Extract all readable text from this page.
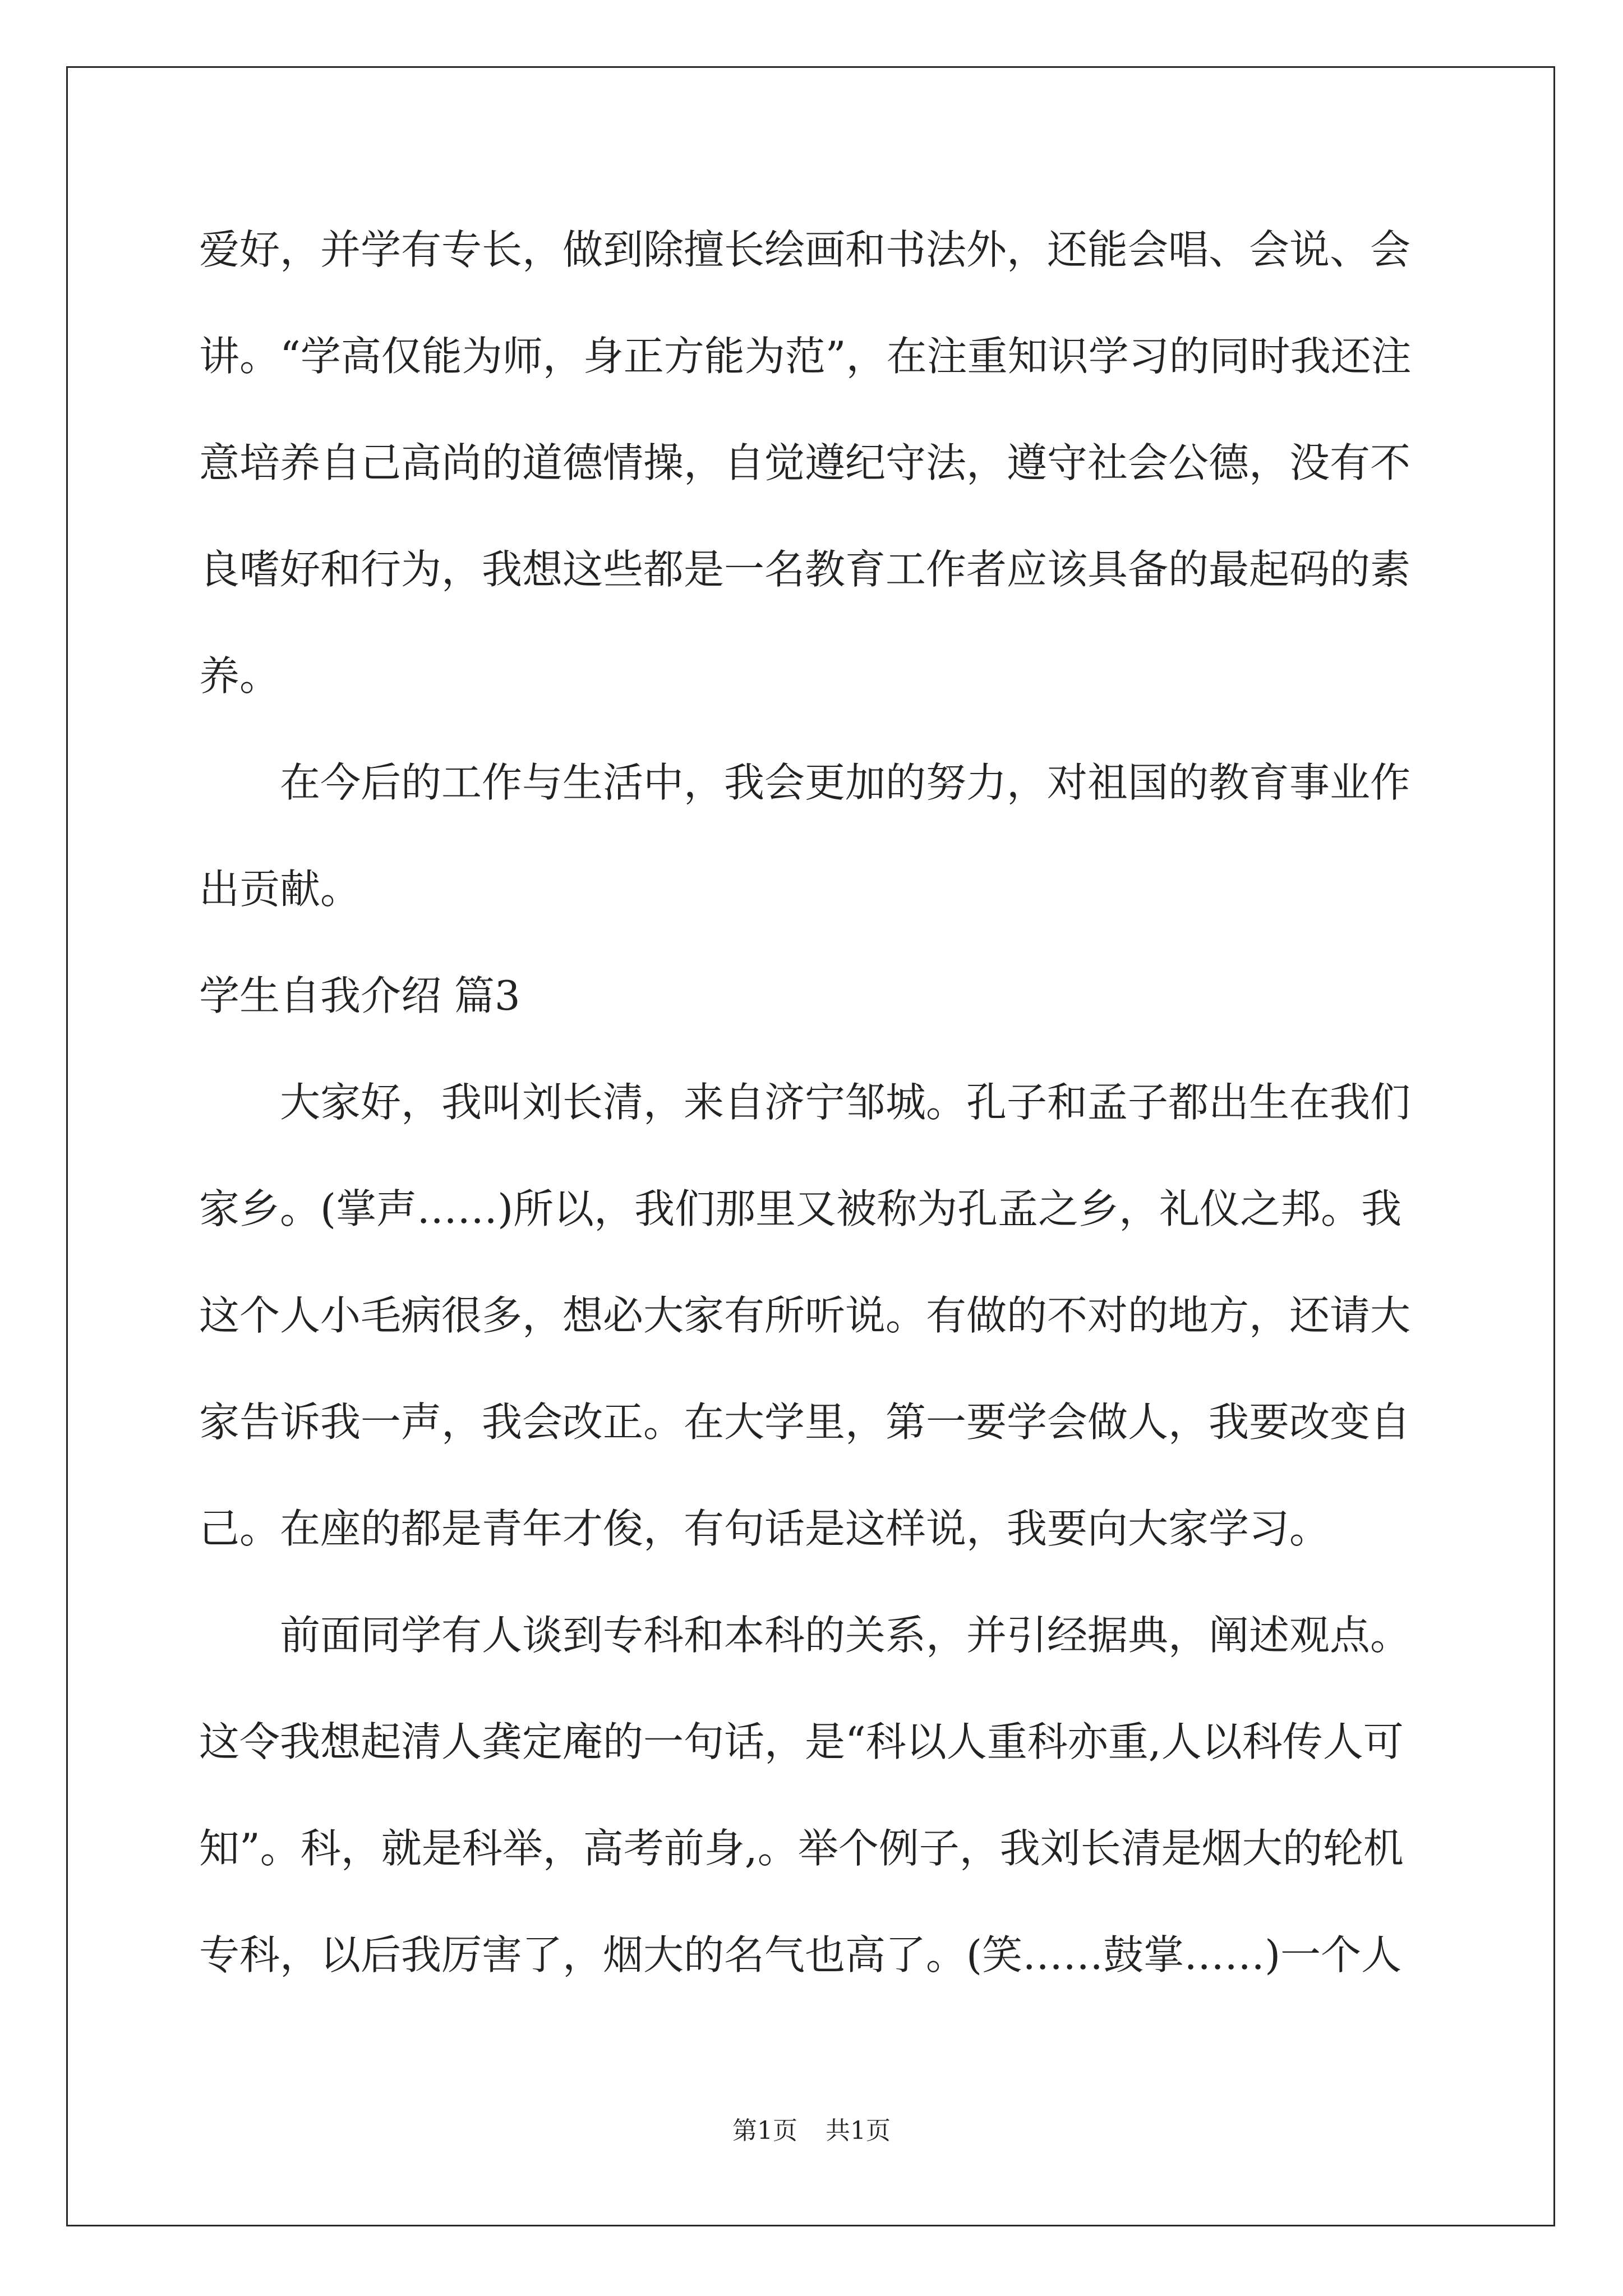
爱好，并学有专长，做到除擅长绘画和书法外，还能会唱、会说、会
讲。“学高仅能为师，身正方能为范”，在注重知识学习的同时我还注
意培养自己高尚的道德情操，自觉遵纪守法，遵守社会公德，没有不
良嗜好和行为，我想这些都是一名教育工作者应该具备的最起码的素
养。
在今后的工作与生活中，我会更加的努力，对祖国的教育事业作
出贡献。
学生自我介绍 篇3
大家好，我叫刘长清，来自济宁邹城。孔子和孟子都出生在我们
家乡。(掌声……)所以，我们那里又被称为孔孟之乡，礼仪之邦。我
这个人小毛病很多，想必大家有所听说。有做的不对的地方，还请大
家告诉我一声，我会改正。在大学里，第一要学会做人，我要改变自
己。在座的都是青年才俊，有句话是这样说，我要向大家学习。
前面同学有人谈到专科和本科的关系，并引经据典，阐述观点。
这令我想起清人龚定庵的一句话，是“科以人重科亦重,人以科传人可
知”。科，就是科举，高考前身,。举个例子，我刘长清是烟大的轮机
专科，以后我厉害了，烟大的名气也高了。(笑……鼓掌……)一个人
第1页 共1页
